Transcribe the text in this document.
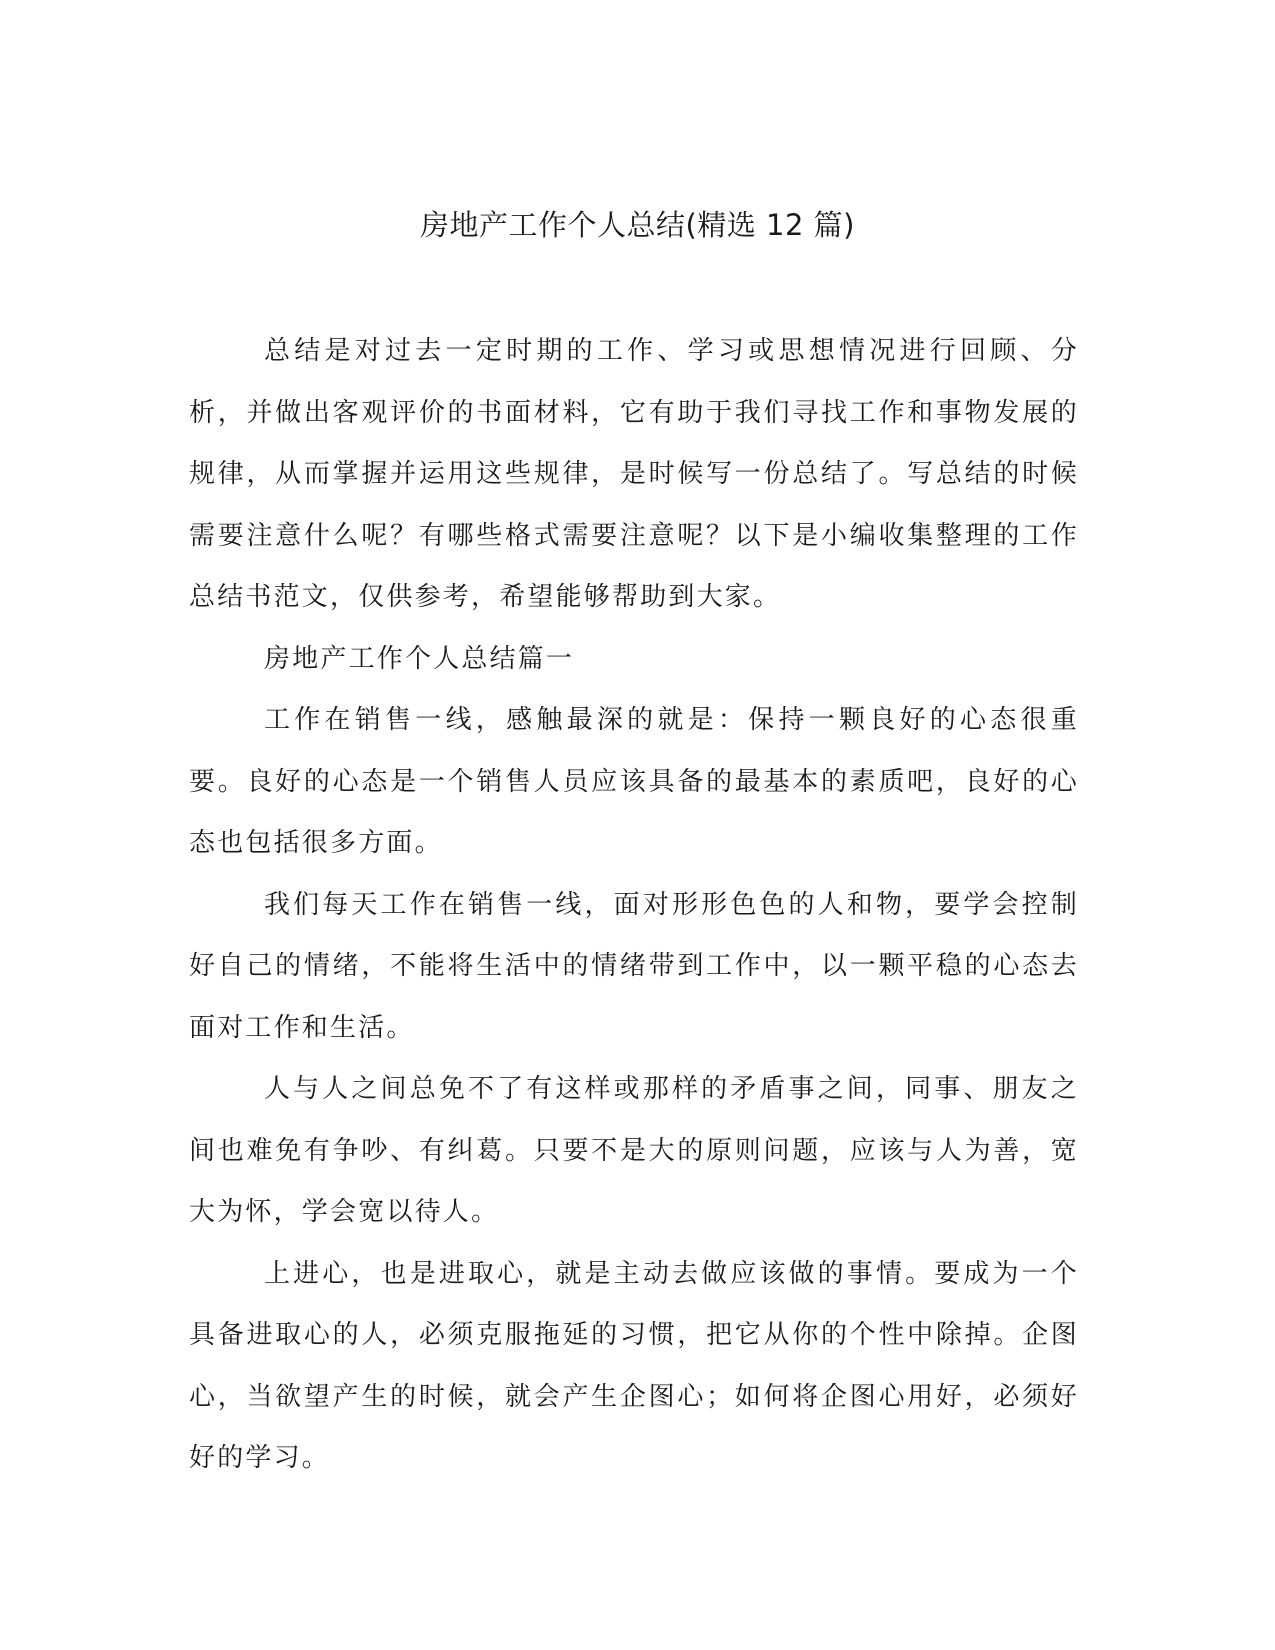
房地产工作个人总结(精选 12 篇)

总结是对过去一定时期的工作、学习或思想情况进行回顾、分析，并做出客观评价的书面材料，它有助于我们寻找工作和事物发展的规律，从而掌握并运用这些规律，是时候写一份总结了。写总结的时候需要注意什么呢？有哪些格式需要注意呢？以下是小编收集整理的工作总结书范文，仅供参考，希望能够帮助到大家。

房地产工作个人总结篇一

工作在销售一线，感触最深的就是：保持一颗良好的心态很重要。良好的心态是一个销售人员应该具备的最基本的素质吧，良好的心态也包括很多方面。

我们每天工作在销售一线，面对形形色色的人和物，要学会控制好自己的情绪，不能将生活中的情绪带到工作中，以一颗平稳的心态去面对工作和生活。

人与人之间总免不了有这样或那样的矛盾事之间，同事、朋友之间也难免有争吵、有纠葛。只要不是大的原则问题，应该与人为善，宽大为怀，学会宽以待人。

上进心，也是进取心，就是主动去做应该做的事情。要成为一个具备进取心的人，必须克服拖延的习惯，把它从你的个性中除掉。企图心，当欲望产生的时候，就会产生企图心；如何将企图心用好，必须好好的学习。
